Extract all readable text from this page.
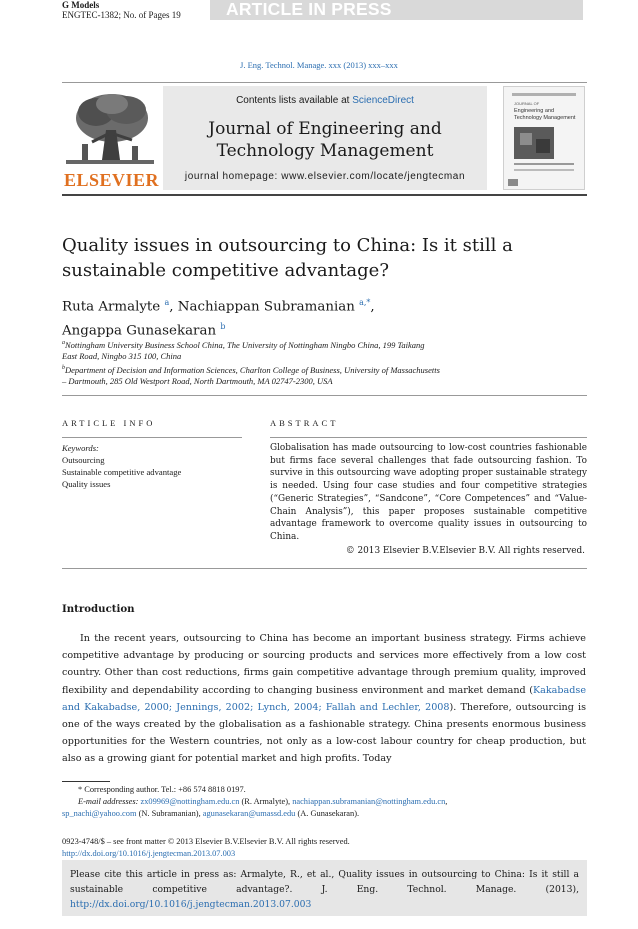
G Models
ENGTEC-1382; No. of Pages 19	ARTICLE IN PRESS
J. Eng. Technol. Manage. xxx (2013) xxx–xxx
ELSEVIER
Contents lists available at ScienceDirect
Journal of Engineering and
Technology Management
journal homepage: www.elsevier.com/locate/jengtecman
JOURNAL OF
Engineering and
Technology Management
Quality issues in outsourcing to China: Is it still a
sustainable competitive advantage?
Ruta Armalyte $^a$, Nachiappan Subramanian $^{a,*}$,
Angappa Gunasekaran $^b$
$^a$Nottingham University Business School China, The University of Nottingham Ningbo China, 199 Taikang
East Road, Ningbo 315 100, China
$^b$Department of Decision and Information Sciences, Charlton College of Business, University of Massachusetts
– Dartmouth, 285 Old Westport Road, North Dartmouth, MA 02747-2300, USA
ARTICLE INFO
Keywords:
Outsourcing
Sustainable competitive advantage
Quality issues
ABSTRACT
Globalisation has made outsourcing to low-cost countries fashionable but firms face several challenges that fade outsourcing fashion. To survive in this outsourcing wave adopting proper sustainable strategy is needed. Using four case studies and four competitive strategies (“Generic Strategies”, “Sandcone”, “Core Competences” and “Value-Chain Analysis”), this paper proposes sustainable competitive advantage framework to overcome quality issues in outsourcing to China.
© 2013 Elsevier B.V.Elsevier B.V. All rights reserved.
Introduction
In the recent years, outsourcing to China has become an important business strategy. Firms achieve competitive advantage by producing or sourcing products and services more effectively from a low cost country. Other than cost reductions, firms gain competitive advantage through premium quality, improved flexibility and dependability according to changing business environment and market demand (Kakabadse and Kakabadse, 2000; Jennings, 2002; Lynch, 2004; Fallah and Lechler, 2008). Therefore, outsourcing is one of the ways created by the globalisation as a fashionable strategy. China presents enormous business opportunities for the Western countries, not only as a low-cost labour country for cheap production, but also as a growing giant for potential market and high profits. Today
* Corresponding author. Tel.: +86 574 8818 0197.
E-mail addresses: zx09969@nottingham.edu.cn (R. Armalyte), nachiappan.subramanian@nottingham.edu.cn,
sp_nachi@yahoo.com (N. Subramanian), agunasekaran@umassd.edu (A. Gunasekaran).
0923-4748/$ – see front matter © 2013 Elsevier B.V.Elsevier B.V. All rights reserved.
http://dx.doi.org/10.1016/j.jengtecman.2013.07.003
Please cite this article in press as: Armalyte, R., et al., Quality issues in outsourcing to China: Is it still a sustainable competitive advantage?. J. Eng. Technol. Manage. (2013), http://dx.doi.org/10.1016/j.jengtecman.2013.07.003
